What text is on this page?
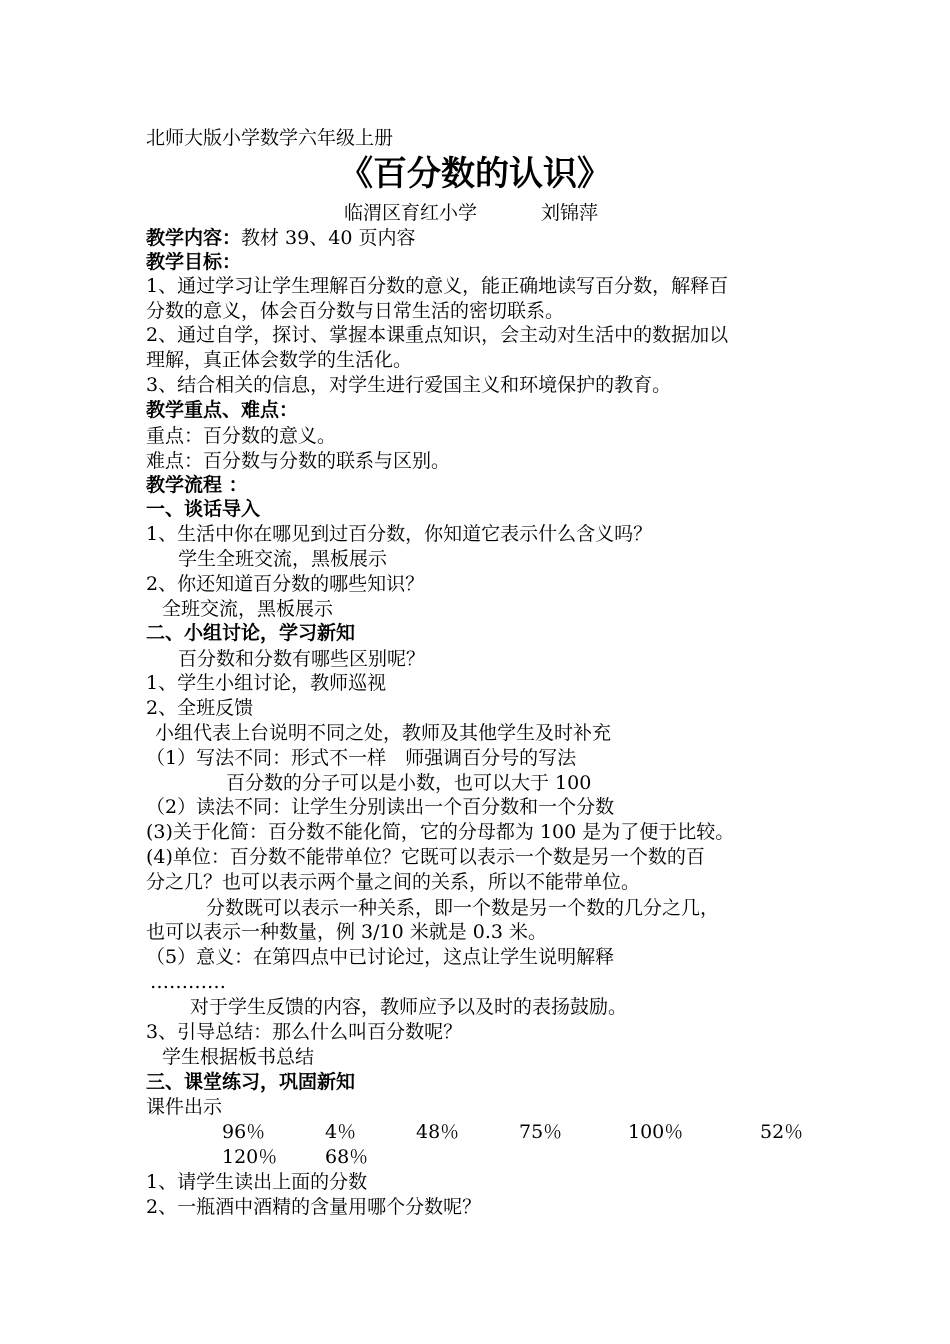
北师大版小学数学六年级上册
《百分数的认识》
临渭区育红小学	刘锦萍
教学内容：教材 39、40 页内容
教学目标：
1、通过学习让学生理解百分数的意义，能正确地读写百分数，解释百
分数的意义，体会百分数与日常生活的密切联系。
2、通过自学，探讨、掌握本课重点知识，会主动对生活中的数据加以
理解，真正体会数学的生活化。
3、结合相关的信息，对学生进行爱国主义和环境保护的教育。
教学重点、难点：
重点：百分数的意义。
难点：百分数与分数的联系与区别。
教学流程 ：
一、谈话导入
1、生活中你在哪见到过百分数，你知道它表示什么含义吗？
学生全班交流，黑板展示
2、你还知道百分数的哪些知识？
全班交流，黑板展示
二、小组讨论，学习新知
百分数和分数有哪些区别呢？
1、学生小组讨论，教师巡视
2、全班反馈
小组代表上台说明不同之处，教师及其他学生及时补充
（1）写法不同：形式不一样　师强调百分号的写法
百分数的分子可以是小数，也可以大于 100
（2）读法不同：让学生分别读出一个百分数和一个分数
(3)关于化简：百分数不能化简，它的分母都为 100 是为了便于比较。
(4)单位：百分数不能带单位？它既可以表示一个数是另一个数的百
分之几？也可以表示两个量之间的关系，所以不能带单位。
分数既可以表示一种关系，即一个数是另一个数的几分之几，
也可以表示一种数量，例 3/10 米就是 0.3 米。
（5）意义：在第四点中已讨论过，这点让学生说明解释
…………
对于学生反馈的内容，教师应予以及时的表扬鼓励。
3、引导总结：那么什么叫百分数呢？
学生根据板书总结
三、课堂练习，巩固新知
课件出示
96％	4％	48％	75％	100％	52％
120％	68％
1、请学生读出上面的分数
2、一瓶酒中酒精的含量用哪个分数呢？
